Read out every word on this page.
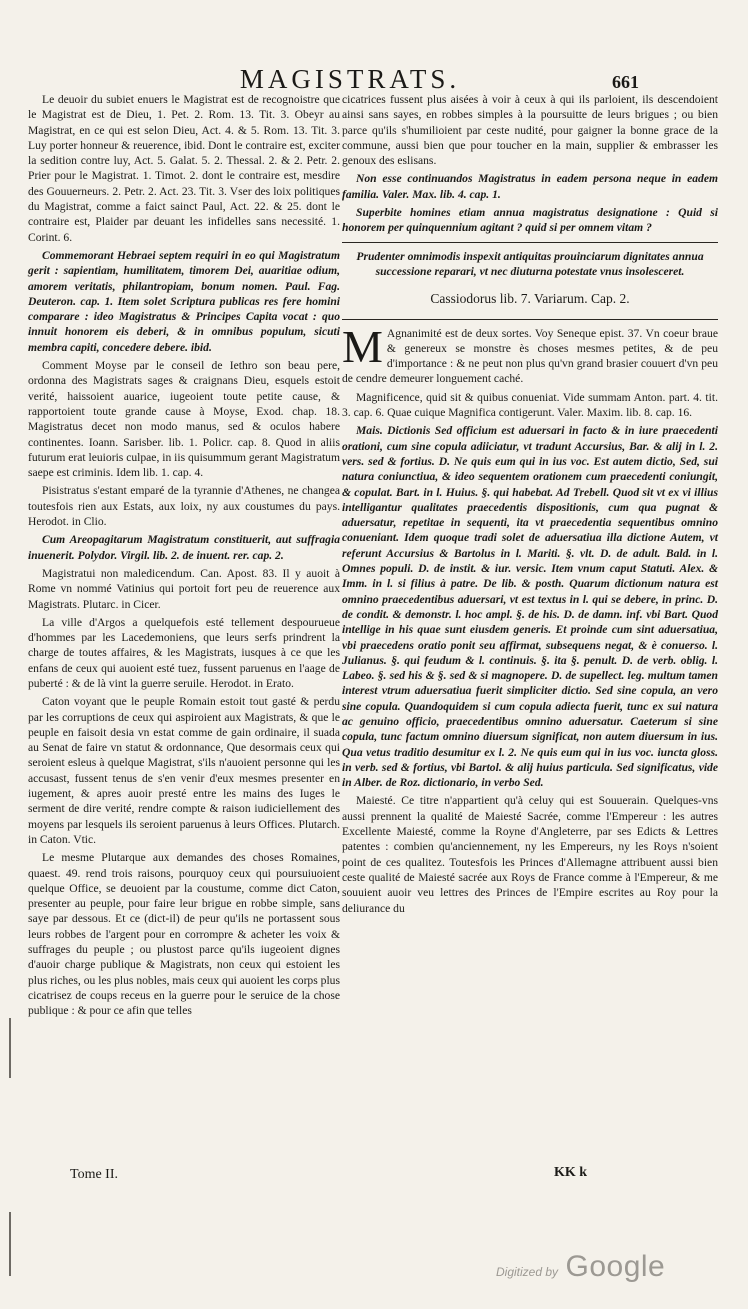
MAGISTRATS.	661

Le deuoir du subiet enuers le Magistrat est de recognoistre que le Magistrat est de Dieu, 1. Pet. 2. Rom. 13. Tit. 3. Obeyr au Magistrat, en ce qui est selon Dieu, Act. 4. & 5. Rom. 13. Tit. 3. Luy porter honneur & reuerence, ibid. Dont le contraire est, exciter la sedition contre luy, Act. 5. Galat. 5. 2. Thessal. 2. & 2. Petr. 2. Prier pour le Magistrat. 1. Timot. 2. dont le contraire est, mesdire des Gouuerneurs. 2. Petr. 2. Act. 23. Tit. 3. Vser des loix politiques du Magistrat, comme a faict sainct Paul, Act. 22. & 25. dont le contraire est, Plaider par deuant les infidelles sans necessité. 1. Corint. 6.

Commemorant Hebraei septem requiri in eo qui Magistratum gerit : sapientiam, humilitatem, timorem Dei, auaritiae odium, amorem veritatis, philantropiam, bonum nomen. Paul. Fag. Deuteron. cap. 1. Item solet Scriptura publicas res fere homini comparare : ideo Magistratus & Principes Capita vocat : quo innuit honorem eis deberi, & in omnibus populum, sicuti membra capiti, concedere debere. ibid.

Comment Moyse par le conseil de Iethro son beau pere, ordonna des Magistrats sages & craignans Dieu, esquels estoit verité, haissoient auarice, iugeoient toute petite cause, & rapportoient toute grande cause à Moyse, Exod. chap. 18. Magistratus decet non modo manus, sed & oculos habere continentes. Ioann. Sarisber. lib. 1. Policr. cap. 8. Quod in aliis futurum erat leuioris culpae, in iis quisummum gerant Magistratum saepe est criminis. Idem lib. 1. cap. 4.

Pisistratus s'estant emparé de la tyrannie d'Athenes, ne changea toutesfois rien aux Estats, aux loix, ny aux coustumes du pays. Herodot. in Clio.

Cum Areopagitarum Magistratum constituerit, aut suffragia inuenerit. Polydor. Virgil. lib. 2. de inuent. rer. cap. 2.

Magistratui non maledicendum. Can. Apost. 83. Il y auoit à Rome vn nommé Vatinius qui portoit fort peu de reuerence aux Magistrats. Plutarc. in Cicer.

La ville d'Argos a quelquefois esté tellement despourueue d'hommes par les Lacedemoniens, que leurs serfs prindrent la charge de toutes affaires, & les Magistrats, iusques à ce que les enfans de ceux qui auoient esté tuez, fussent paruenus en l'aage de puberté : & de là vint la guerre seruile. Herodot. in Erato.

Caton voyant que le peuple Romain estoit tout gasté & perdu par les corruptions de ceux qui aspiroient aux Magistrats, & que le peuple en faisoit desia vn estat comme de gain ordinaire, il suada au Senat de faire vn statut & ordonnance, Que desormais ceux qui seroient esleus à quelque Magistrat, s'ils n'auoient personne qui les accusast, fussent tenus de s'en venir d'eux mesmes presenter en iugement, & apres auoir presté entre les mains des Iuges le serment de dire verité, rendre compte & raison iudiciellement des moyens par lesquels ils seroient paruenus à leurs Offices. Plutarch. in Caton. Vtic.

Le mesme Plutarque aux demandes des choses Romaines, quaest. 49. rend trois raisons, pourquoy ceux qui poursuiuoient quelque Office, se deuoient par la coustume, comme dict Caton, presenter au peuple, pour faire leur brigue en robbe simple, sans saye par dessous. Et ce (dict-il) de peur qu'ils ne portassent sous leurs robbes de l'argent pour en corrompre & acheter les voix & suffrages du peuple ; ou plustost parce qu'ils iugeoient dignes d'auoir charge publique & Magistrats, non ceux qui estoient les plus riches, ou les plus nobles, mais ceux qui auoient les corps plus cicatrisez de coups receus en la guerre pour le seruice de la chose publique : & pour ce afin que telles

cicatrices fussent plus aisées à voir à ceux à qui ils parloient, ils descendoient ainsi sans sayes, en robbes simples à la poursuitte de leurs brigues ; ou bien parce qu'ils s'humilioient par ceste nudité, pour gaigner la bonne grace de la commune, aussi bien que pour toucher en la main, supplier & embrasser les genoux des eslisans.

Non esse continuandos Magistratus in eadem persona neque in eadem familia. Valer. Max. lib. 4. cap. 1.

Superbite homines etiam annua magistratus designatione : Quid si honorem per quinquennium agitant ? quid si per omnem vitam ?

Prudenter omnimodis inspexit antiquitas prouinciarum dignitates annua successione reparari, vt nec diuturna potestate vnus insolesceret.

Cassiodorus lib. 7. Variarum. Cap. 2.

M Agnanimité est de deux sortes. Voy Seneque epist. 37. Vn coeur braue & genereux se monstre ès choses mesmes petites, & de peu d'importance : & ne peut non plus qu'vn grand brasier couuert d'vn peu de cendre demeurer longuement caché.

Magnificence, quid sit & quibus conueniat. Vide summam Anton. part. 4. tit. 3. cap. 6. Quae cuique Magnifica contigerunt. Valer. Maxim. lib. 8. cap. 16.

Mais. Dictionis Sed officium est aduersari in facto & in iure praecedenti orationi, cum sine copula adiiciatur, vt tradunt Accursius, Bar. & alij in l. 2. vers. sed & fortius. D. Ne quis eum qui in ius voc. Est autem dictio, Sed, sui natura coniunctiua, & ideo sequentem orationem cum praecedenti coniungit, & copulat. Bart. in l. Huius. §. qui habebat. Ad Trebell. Quod sit vt ex vi illius intelligantur qualitates praecedentis dispositionis, cum qua pugnat & aduersatur, repetitae in sequenti, ita vt praecedentia sequentibus omnino conueniant. Idem quoque tradi solet de aduersatiua illa dictione Autem, vt referunt Accursius & Bartolus in l. Mariti. §. vlt. D. de adult. Bald. in l. Omnes populi. D. de instit. & iur. versic. Item vnum caput Statuti. Alex. & Imm. in l. si filius à patre. De lib. & posth. Quarum dictionum natura est omnino praecedentibus aduersari, vt est textus in l. qui se debere, in princ. D. de condit. & demonstr. l. hoc ampl. §. de his. D. de damn. inf. vbi Bart. Quod intellige in his quae sunt eiusdem generis. Et proinde cum sint aduersatiua, vbi praecedens oratio ponit seu affirmat, subsequens negat, & è conuerso. l. Julianus. §. qui feudum & l. continuis. §. ita §. penult. D. de verb. oblig. l. Labeo. §. sed his & §. sed & si magnopere. D. de supellect. leg. multum tamen interest vtrum aduersatiua fuerit simpliciter dictio. Sed sine copula, an vero sine copula. Quandoquidem si cum copula adiecta fuerit, tunc ex sui natura ac genuino officio, praecedentibus omnino aduersatur. Caeterum si sine copula, tunc factum omnino diuersum significat, non autem diuersum in ius. Qua vetus traditio desumitur ex l. 2. Ne quis eum qui in ius voc. iuncta gloss. in verb. sed & fortius, vbi Bartol. & alij huius particula. Sed significatus, vide in Alber. de Roz. dictionario, in verbo Sed.

Maiesté. Ce titre n'appartient qu'à celuy qui est Souuerain. Quelques-vns aussi prennent la qualité de Maiesté Sacrée, comme l'Empereur : les autres Excellente Maiesté, comme la Royne d'Angleterre, par ses Edicts & Lettres patentes : combien qu'anciennement, ny les Empereurs, ny les Roys n'soient point de ces qualitez. Toutesfois les Princes d'Allemagne attribuent aussi bien ceste qualité de Maiesté sacrée aux Roys de France comme à l'Empereur, & me souuient auoir veu lettres des Princes de l'Empire escrites au Roy pour la deliurance du

Tome II.	KK k
Digitized by Google
